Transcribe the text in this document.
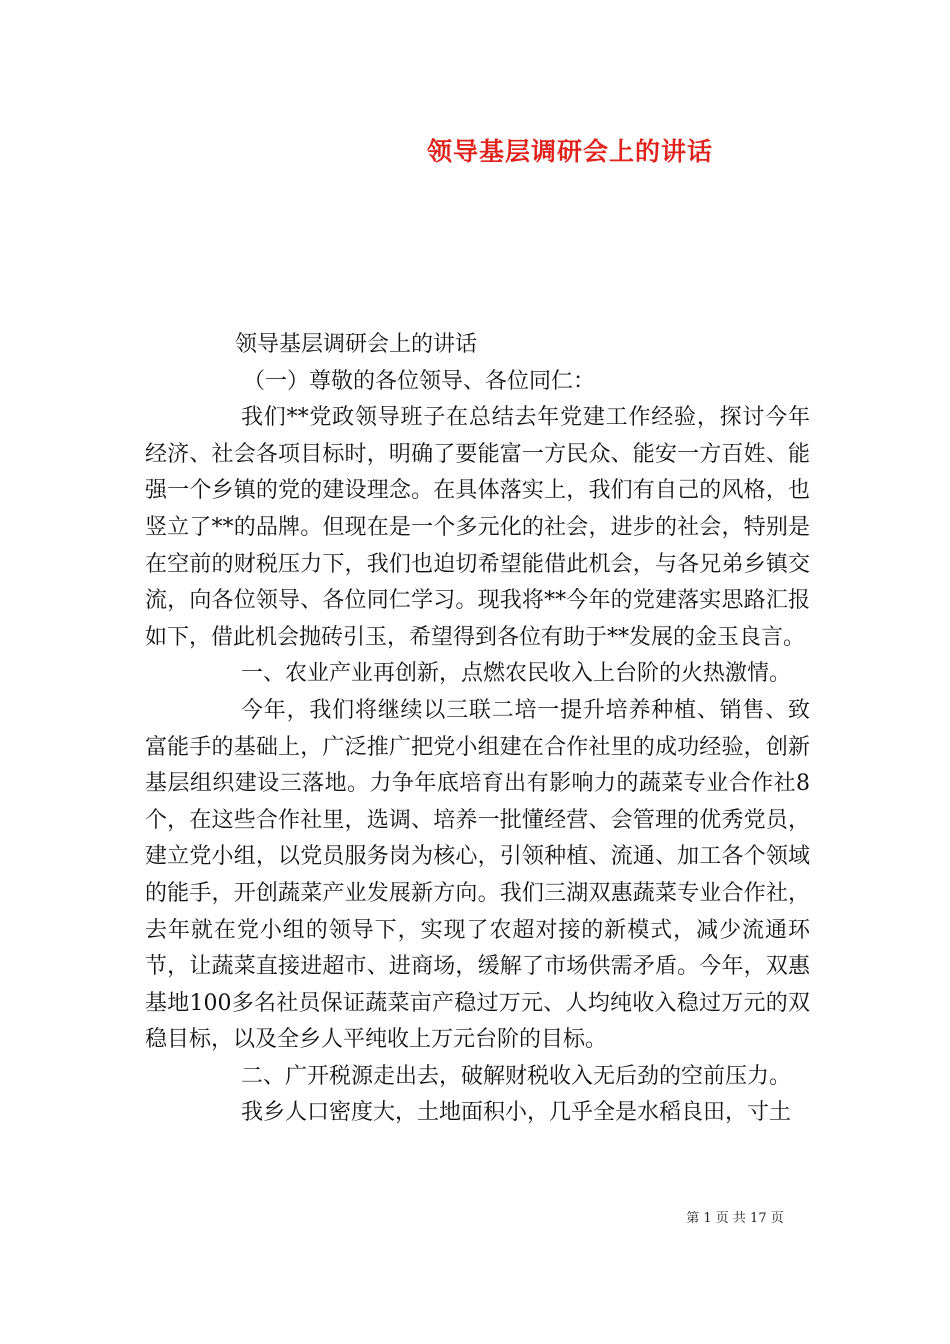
领导基层调研会上的讲话

领导基层调研会上的讲话

（一）尊敬的各位领导、各位同仁：

我们**党政领导班子在总结去年党建工作经验，探讨今年经济、社会各项目标时，明确了要能富一方民众、能安一方百姓、能强一个乡镇的党的建设理念。在具体落实上，我们有自己的风格，也竖立了**的品牌。但现在是一个多元化的社会，进步的社会，特别是在空前的财税压力下，我们也迫切希望能借此机会，与各兄弟乡镇交流，向各位领导、各位同仁学习。现我将**今年的党建落实思路汇报如下，借此机会抛砖引玉，希望得到各位有助于**发展的金玉良言。

一、农业产业再创新，点燃农民收入上台阶的火热激情。

今年，我们将继续以三联二培一提升培养种植、销售、致富能手的基础上，广泛推广把党小组建在合作社里的成功经验，创新基层组织建设三落地。力争年底培育出有影响力的蔬菜专业合作社8个，在这些合作社里，选调、培养一批懂经营、会管理的优秀党员，建立党小组，以党员服务岗为核心，引领种植、流通、加工各个领域的能手，开创蔬菜产业发展新方向。我们三湖双惠蔬菜专业合作社，去年就在党小组的领导下，实现了农超对接的新模式，减少流通环节，让蔬菜直接进超市、进商场，缓解了市场供需矛盾。今年，双惠基地100多名社员保证蔬菜亩产稳过万元、人均纯收入稳过万元的双稳目标，以及全乡人平纯收上万元台阶的目标。

二、广开税源走出去，破解财税收入无后劲的空前压力。

我乡人口密度大，土地面积小，几乎全是水稻良田，寸土

第 1 页 共 17 页
